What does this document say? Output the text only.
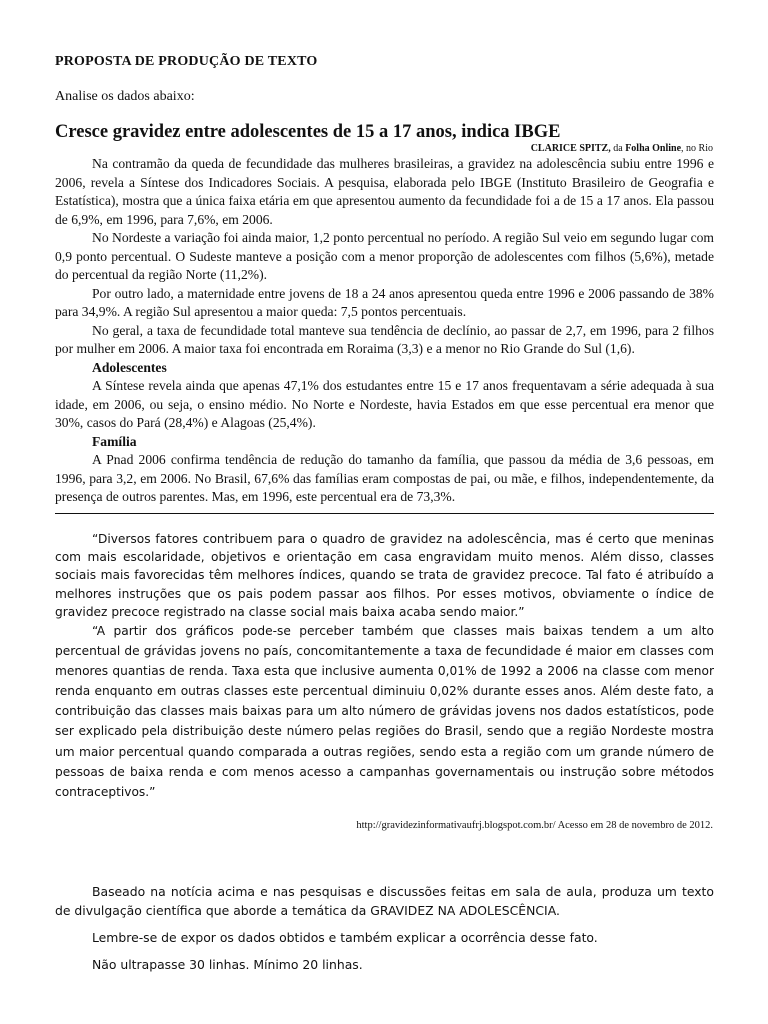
PROPOSTA DE PRODUÇÃO DE TEXTO
Analise os dados abaixo:
Cresce gravidez entre adolescentes de 15 a 17 anos, indica IBGE
CLARICE SPITZ, da Folha Online, no Rio

Na contramão da queda de fecundidade das mulheres brasileiras, a gravidez na adolescência subiu entre 1996 e 2006, revela a Síntese dos Indicadores Sociais. A pesquisa, elaborada pelo IBGE (Instituto Brasileiro de Geografia e Estatística), mostra que a única faixa etária em que apresentou aumento da fecundidade foi a de 15 a 17 anos. Ela passou de 6,9%, em 1996, para 7,6%, em 2006.

No Nordeste a variação foi ainda maior, 1,2 ponto percentual no período. A região Sul veio em segundo lugar com 0,9 ponto percentual. O Sudeste manteve a posição com a menor proporção de adolescentes com filhos (5,6%), metade do percentual da região Norte (11,2%).

Por outro lado, a maternidade entre jovens de 18 a 24 anos apresentou queda entre 1996 e 2006 passando de 38% para 34,9%. A região Sul apresentou a maior queda: 7,5 pontos percentuais.

No geral, a taxa de fecundidade total manteve sua tendência de declínio, ao passar de 2,7, em 1996, para 2 filhos por mulher em 2006. A maior taxa foi encontrada em Roraima (3,3) e a menor no Rio Grande do Sul (1,6).

Adolescentes

A Síntese revela ainda que apenas 47,1% dos estudantes entre 15 e 17 anos frequentavam a série adequada à sua idade, em 2006, ou seja, o ensino médio. No Norte e Nordeste, havia Estados em que esse percentual era menor que 30%, casos do Pará (28,4%) e Alagoas (25,4%).

Família

A Pnad 2006 confirma tendência de redução do tamanho da família, que passou da média de 3,6 pessoas, em 1996, para 3,2, em 2006. No Brasil, 67,6% das famílias eram compostas de pai, ou mãe, e filhos, independentemente, da presença de outros parentes. Mas, em 1996, este percentual era de 73,3%.

“Diversos fatores contribuem para o quadro de gravidez na adolescência, mas é certo que meninas com mais escolaridade, objetivos e orientação em casa engravidam muito menos. Além disso, classes sociais mais favorecidas têm melhores índices, quando se trata de gravidez precoce. Tal fato é atribuído a melhores instruções que os pais podem passar aos filhos. Por esses motivos, obviamente o índice de gravidez precoce registrado na classe social mais baixa acaba sendo maior.”

“A partir dos gráficos pode-se perceber também que classes mais baixas tendem a um alto percentual de grávidas jovens no país, concomitantemente a taxa de fecundidade é maior em classes com menores quantias de renda. Taxa esta que inclusive aumenta 0,01% de 1992 a 2006 na classe com menor renda enquanto em outras classes este percentual diminuiu 0,02% durante esses anos. Além deste fato, a contribuição das classes mais baixas para um alto número de grávidas jovens nos dados estatísticos, pode ser explicado pela distribuição deste número pelas regiões do Brasil, sendo que a região Nordeste mostra um maior percentual quando comparada a outras regiões, sendo esta a região com um grande número de pessoas de baixa renda e com menos acesso a campanhas governamentais ou instrução sobre métodos contraceptivos.”

http://gravidezinformativaufrj.blogspot.com.br/ Acesso em 28 de novembro de 2012.

Baseado na notícia acima e nas pesquisas e discussões feitas em sala de aula, produza um texto de divulgação científica que aborde a temática da GRAVIDEZ NA ADOLESCÊNCIA.

Lembre-se de expor os dados obtidos e também explicar a ocorrência desse fato.

Não ultrapasse 30 linhas. Mínimo 20 linhas.
